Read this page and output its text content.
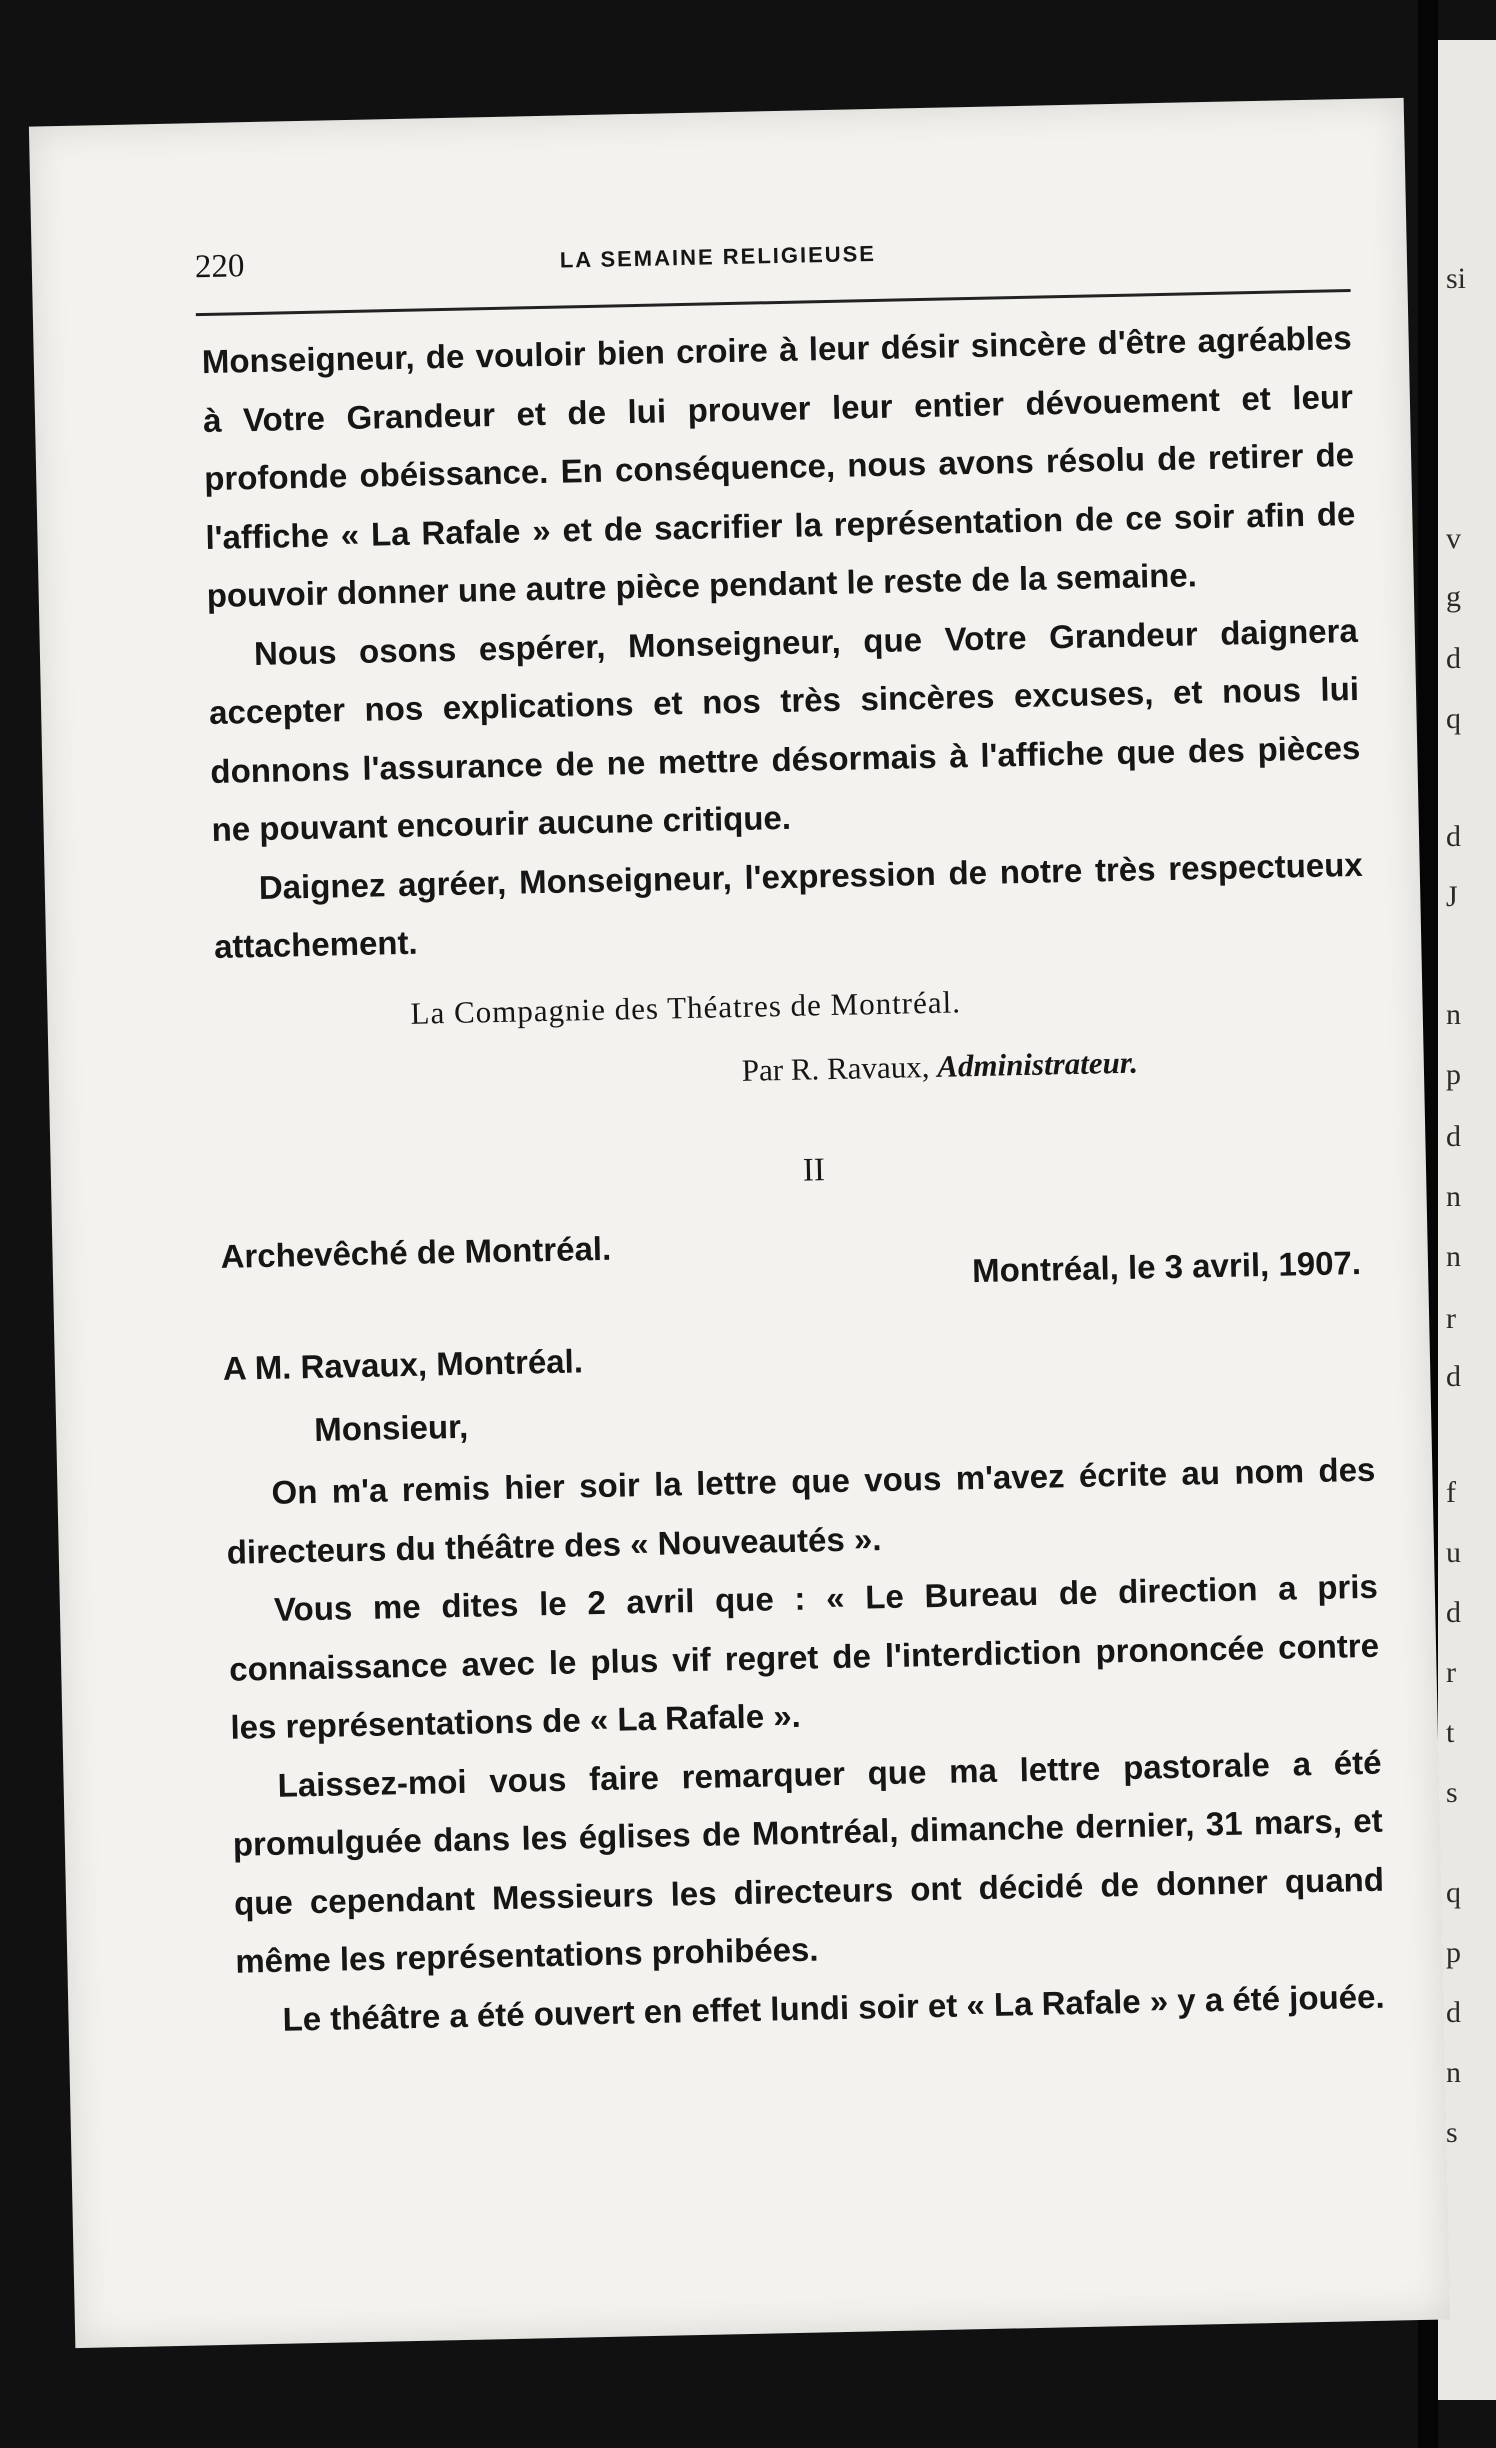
si
v
g
d
q
d
J
n
p
d
n
n
r
d
f
u
d
r
t
s
q
p
d
n
s
220	LA SEMAINE RELIGIEUSE

Monseigneur, de vouloir bien croire à leur désir sincère d'être agréables à Votre Grandeur et de lui prouver leur entier dévouement et leur profonde obéissance. En conséquence, nous avons résolu de retirer de l'affiche « La Rafale » et de sacrifier la représentation de ce soir afin de pouvoir donner une autre pièce pendant le reste de la semaine.

Nous osons espérer, Monseigneur, que Votre Grandeur daignera accepter nos explications et nos très sincères excuses, et nous lui donnons l'assurance de ne mettre désormais à l'affiche que des pièces ne pouvant encourir aucune critique.

Daignez agréer, Monseigneur, l'expression de notre très respectueux attachement.

La Compagnie des Théatres de Montréal.

Par R. Ravaux, Administrateur.

II
Archevêché de Montréal.	Montréal, le 3 avril, 1907.

A M. Ravaux, Montréal.

Monsieur,

On m'a remis hier soir la lettre que vous m'avez écrite au nom des directeurs du théâtre des « Nouveautés ».

Vous me dites le 2 avril que : « Le Bureau de direction a pris connaissance avec le plus vif regret de l'interdiction prononcée contre les représentations de « La Rafale ».

Laissez-moi vous faire remarquer que ma lettre pastorale a été promulguée dans les églises de Montréal, dimanche dernier, 31 mars, et que cependant Messieurs les directeurs ont décidé de donner quand même les représentations prohibées.

Le théâtre a été ouvert en effet lundi soir et « La Rafale » y a été jouée.
